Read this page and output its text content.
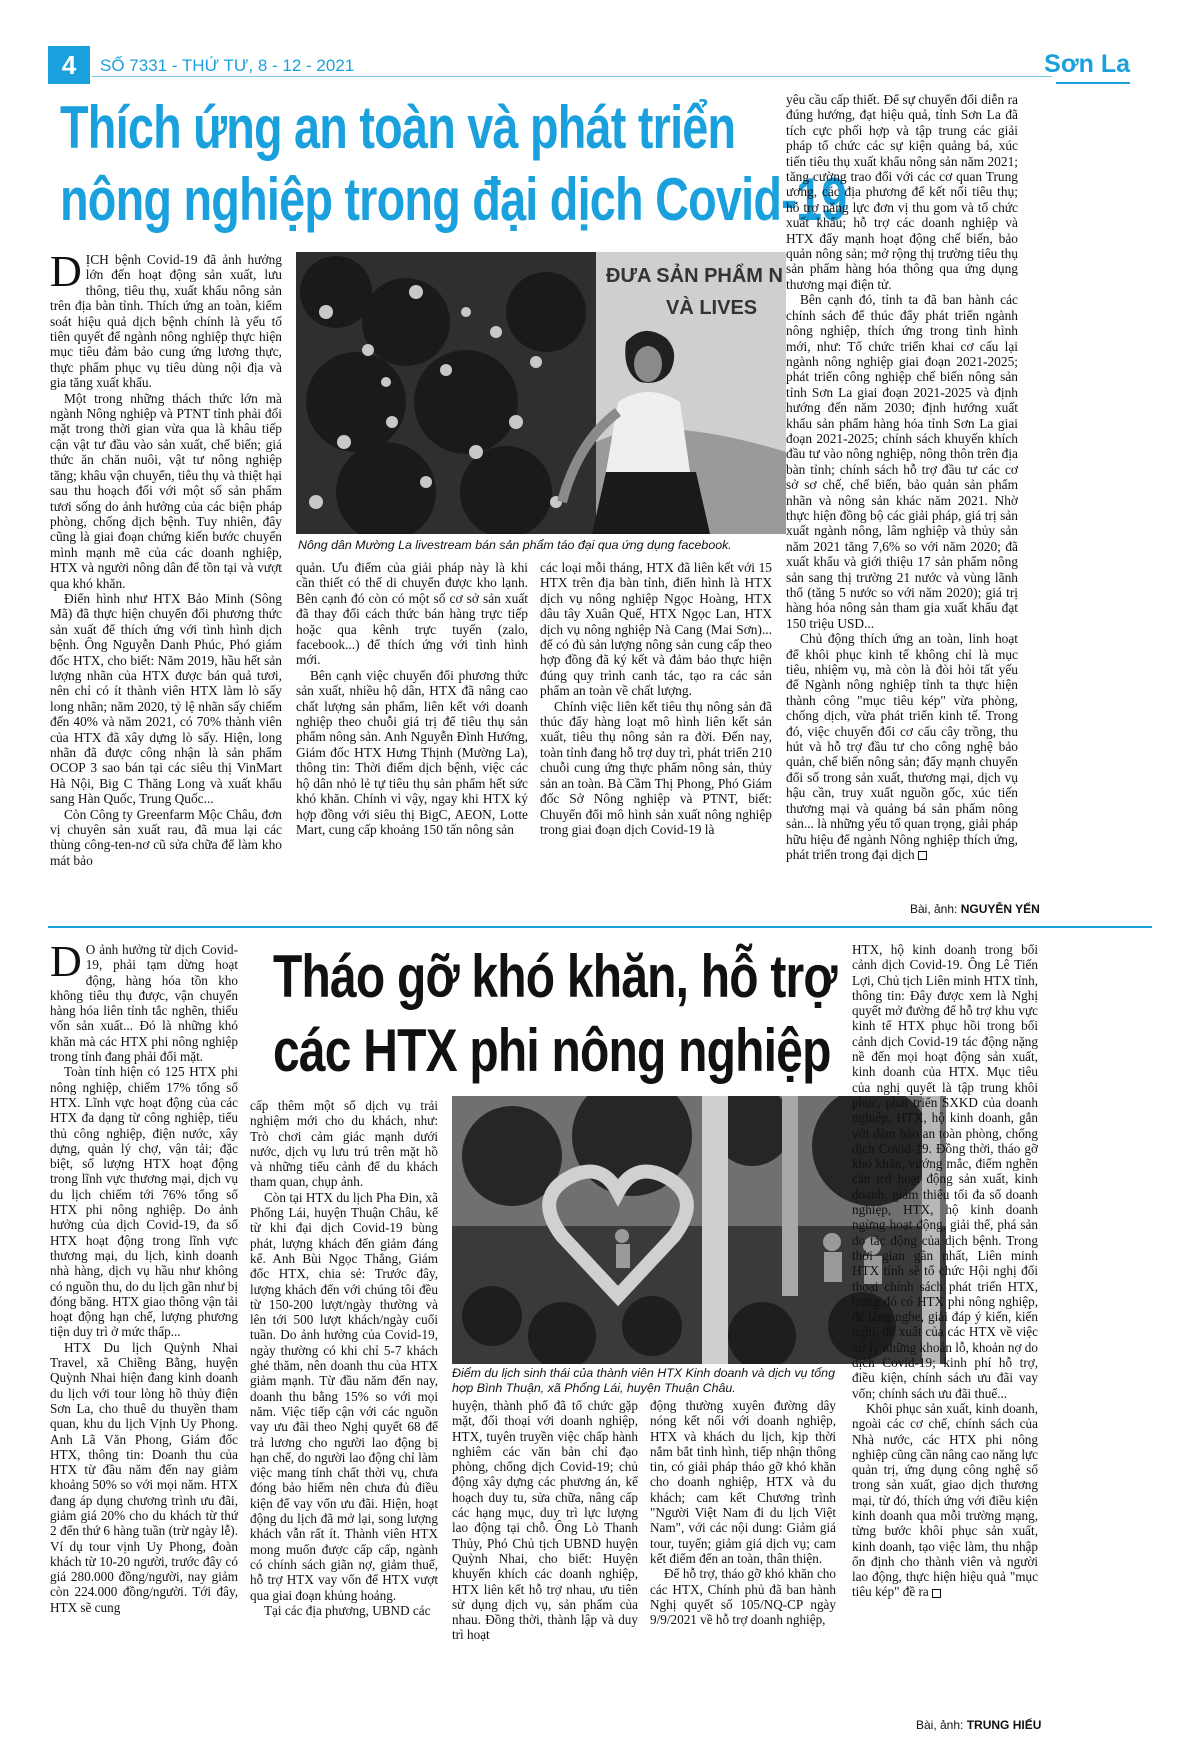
4	SỐ 7331 - THỨ TƯ, 8 - 12 - 2021	Sơn La
Thích ứng an toàn và phát triển
nông nghiệp trong đại dịch Covid-19

DỊCH bệnh Covid-19 đã ảnh hưởng lớn đến hoạt động sản xuất, lưu thông, tiêu thụ, xuất khẩu nông sản trên địa bàn tỉnh. Thích ứng an toàn, kiểm soát hiệu quả dịch bệnh chính là yếu tố tiên quyết để ngành nông nghiệp thực hiện mục tiêu đảm bảo cung ứng lương thực, thực phẩm phục vụ tiêu dùng nội địa và gia tăng xuất khẩu.

Một trong những thách thức lớn mà ngành Nông nghiệp và PTNT tỉnh phải đối mặt trong thời gian vừa qua là khâu tiếp cận vật tư đầu vào sản xuất, chế biến; giá thức ăn chăn nuôi, vật tư nông nghiệp tăng; khâu vận chuyển, tiêu thụ và thiệt hại sau thu hoạch đối với một số sản phẩm tươi sống do ảnh hưởng của các biện pháp phòng, chống dịch bệnh. Tuy nhiên, đây cũng là giai đoạn chứng kiến bước chuyển mình mạnh mẽ của các doanh nghiệp, HTX và người nông dân để tồn tại và vượt qua khó khăn.

Điển hình như HTX Bảo Minh (Sông Mã) đã thực hiện chuyển đổi phương thức sản xuất để thích ứng với tình hình dịch bệnh. Ông Nguyễn Danh Phúc, Phó giám đốc HTX, cho biết: Năm 2019, hầu hết sản lượng nhãn của HTX được bán quả tươi, nên chỉ có ít thành viên HTX làm lò sấy long nhãn; năm 2020, tỷ lệ nhãn sấy chiếm đến 40% và năm 2021, có 70% thành viên của HTX đã xây dựng lò sấy. Hiện, long nhãn đã được công nhận là sản phẩm OCOP 3 sao bán tại các siêu thị VinMart Hà Nội, Big C Thăng Long và xuất khẩu sang Hàn Quốc, Trung Quốc...

Còn Công ty Greenfarm Mộc Châu, đơn vị chuyên sản xuất rau, đã mua lại các thùng công-ten-nơ cũ sửa chữa để làm kho mát bảo

ĐƯA SẢN PHẨM N
VÀ LIVES
Nông dân Mường La livestream bán sản phẩm táo đại qua ứng dụng facebook.

quản. Ưu điểm của giải pháp này là khi cần thiết có thể di chuyển được kho lạnh. Bên cạnh đó còn có một số cơ sở sản xuất đã thay đổi cách thức bán hàng trực tiếp hoặc qua kênh trực tuyến (zalo, facebook...) để thích ứng với tình hình mới.

Bên cạnh việc chuyển đổi phương thức sản xuất, nhiều hộ dân, HTX đã nâng cao chất lượng sản phẩm, liên kết với doanh nghiệp theo chuỗi giá trị để tiêu thụ sản phẩm nông sản. Anh Nguyễn Đình Hướng, Giám đốc HTX Hưng Thịnh (Mường La), thông tin: Thời điểm dịch bệnh, việc các hộ dân nhỏ lẻ tự tiêu thụ sản phẩm hết sức khó khăn. Chính vì vậy, ngay khi HTX ký hợp đồng với siêu thị BigC, AEON, Lotte Mart, cung cấp khoảng 150 tấn nông sản

các loại mỗi tháng, HTX đã liên kết với 15 HTX trên địa bàn tỉnh, điển hình là HTX dịch vụ nông nghiệp Ngọc Hoàng, HTX dâu tây Xuân Quế, HTX Ngọc Lan, HTX dịch vụ nông nghiệp Nà Cang (Mai Sơn)... để có đủ sản lượng nông sản cung cấp theo hợp đồng đã ký kết và đảm bảo thực hiện đúng quy trình canh tác, tạo ra các sản phẩm an toàn về chất lượng.

Chính việc liên kết tiêu thụ nông sản đã thúc đẩy hàng loạt mô hình liên kết sản xuất, tiêu thụ nông sản ra đời. Đến nay, toàn tỉnh đang hỗ trợ duy trì, phát triển 210 chuỗi cung ứng thực phẩm nông sản, thủy sản an toàn. Bà Cầm Thị Phong, Phó Giám đốc Sở Nông nghiệp và PTNT, biết: Chuyển đổi mô hình sản xuất nông nghiệp trong giai đoạn dịch Covid-19 là

yêu cầu cấp thiết. Để sự chuyển đổi diễn ra đúng hướng, đạt hiệu quả, tỉnh Sơn La đã tích cực phối hợp và tập trung các giải pháp tổ chức các sự kiện quảng bá, xúc tiến tiêu thụ xuất khẩu nông sản năm 2021; tăng cường trao đổi với các cơ quan Trung ương, các địa phương để kết nối tiêu thụ; hỗ trợ năng lực đơn vị thu gom và tổ chức xuất khẩu; hỗ trợ các doanh nghiệp và HTX đẩy mạnh hoạt động chế biến, bảo quản nông sản; mở rộng thị trường tiêu thụ sản phẩm hàng hóa thông qua ứng dụng thương mại điện tử.

Bên cạnh đó, tỉnh ta đã ban hành các chính sách để thúc đẩy phát triển ngành nông nghiệp, thích ứng trong tình hình mới, như: Tổ chức triển khai cơ cấu lại ngành nông nghiệp giai đoạn 2021-2025; phát triển công nghiệp chế biến nông sản tỉnh Sơn La giai đoạn 2021-2025 và định hướng đến năm 2030; định hướng xuất khẩu sản phẩm hàng hóa tỉnh Sơn La giai đoạn 2021-2025; chính sách khuyến khích đầu tư vào nông nghiệp, nông thôn trên địa bàn tỉnh; chính sách hỗ trợ đầu tư các cơ sở sơ chế, chế biến, bảo quản sản phẩm nhãn và nông sản khác năm 2021. Nhờ thực hiện đồng bộ các giải pháp, giá trị sản xuất ngành nông, lâm nghiệp và thủy sản năm 2021 tăng 7,6% so với năm 2020; đã xuất khẩu và giới thiệu 17 sản phẩm nông sản sang thị trường 21 nước và vùng lãnh thổ (tăng 5 nước so với năm 2020); giá trị hàng hóa nông sản tham gia xuất khẩu đạt 150 triệu USD...

Chủ động thích ứng an toàn, linh hoạt để khôi phục kinh tế không chỉ là mục tiêu, nhiệm vụ, mà còn là đòi hỏi tất yếu để Ngành nông nghiệp tỉnh ta thực hiện thành công "mục tiêu kép" vừa phòng, chống dịch, vừa phát triển kinh tế. Trong đó, việc chuyển đổi cơ cấu cây trồng, thu hút và hỗ trợ đầu tư cho công nghệ bảo quản, chế biến nông sản; đẩy mạnh chuyển đổi số trong sản xuất, thương mại, dịch vụ hậu cần, truy xuất nguồn gốc, xúc tiến thương mại và quảng bá sản phẩm nông sản... là những yếu tố quan trọng, giải pháp hữu hiệu để ngành Nông nghiệp thích ứng, phát triển trong đại dịch

Bài, ảnh: NGUYỄN YẾN

D O ảnh hưởng từ dịch Covid-19, phải tạm dừng hoạt động, hàng hóa tồn kho không tiêu thụ được, vận chuyển hàng hóa liên tỉnh tắc nghẽn, thiếu vốn sản xuất... Đó là những khó khăn mà các HTX phi nông nghiệp trong tỉnh đang phải đối mặt.

Toàn tỉnh hiện có 125 HTX phi nông nghiệp, chiếm 17% tổng số HTX. Lĩnh vực hoạt động của các HTX đa dạng từ công nghiệp, tiểu thủ công nghiệp, điện nước, xây dựng, quản lý chợ, vận tải; đặc biệt, số lượng HTX hoạt động trong lĩnh vực thương mại, dịch vụ du lịch chiếm tới 76% tổng số HTX phi nông nghiệp. Do ảnh hưởng của dịch Covid-19, đa số HTX hoạt động trong lĩnh vực thương mại, du lịch, kinh doanh nhà hàng, dịch vụ hầu như không có nguồn thu, do du lịch gần như bị đóng băng. HTX giao thông vận tải hoạt động hạn chế, lượng phương tiện duy trì ở mức thấp...

HTX Du lịch Quỳnh Nhai Travel, xã Chiềng Bằng, huyện Quỳnh Nhai hiện đang kinh doanh du lịch với tour lòng hồ thủy điện Sơn La, cho thuê du thuyền tham quan, khu du lịch Vịnh Uy Phong. Anh Lã Văn Phong, Giám đốc HTX, thông tin: Doanh thu của HTX từ đầu năm đến nay giảm khoảng 50% so với mọi năm. HTX đang áp dụng chương trình ưu đãi, giảm giá 20% cho du khách từ thứ 2 đến thứ 6 hàng tuần (trừ ngày lễ). Ví dụ tour vịnh Uy Phong, đoàn khách từ 10-20 người, trước đây có giá 280.000 đồng/người, nay giảm còn 224.000 đồng/người. Tới đây, HTX sẽ cung

Tháo gỡ khó khăn, hỗ trợ
các HTX phi nông nghiệp

cấp thêm một số dịch vụ trải nghiệm mới cho du khách, như: Trò chơi cảm giác mạnh dưới nước, dịch vụ lưu trú trên mặt hồ và những tiểu cảnh để du khách tham quan, chụp ảnh.

Còn tại HTX du lịch Pha Đin, xã Phổng Lái, huyện Thuận Châu, kể từ khi đại dịch Covid-19 bùng phát, lượng khách đến giảm đáng kể. Anh Bùi Ngọc Thắng, Giám đốc HTX, chia sẻ: Trước đây, lượng khách đến với chúng tôi đều từ 150-200 lượt/ngày thường và lên tới 500 lượt khách/ngày cuối tuần. Do ảnh hưởng của Covid-19, ngày thường có khi chỉ 5-7 khách ghé thăm, nên doanh thu của HTX giảm mạnh. Từ đầu năm đến nay, doanh thu bằng 15% so với mọi năm. Việc tiếp cận với các nguồn vay ưu đãi theo Nghị quyết 68 để trả lương cho người lao động bị hạn chế, do người lao động chỉ làm việc mang tính chất thời vụ, chưa đóng bảo hiểm nên chưa đủ điều kiện để vay vốn ưu đãi. Hiện, hoạt động du lịch đã mở lại, song lượng khách vẫn rất ít. Thành viên HTX mong muốn được cấp cấp, ngành có chính sách giãn nợ, giảm thuế, hỗ trợ HTX vay vốn để HTX vượt qua giai đoạn khủng hoảng.

Tại các địa phương, UBND các

Điểm du lịch sinh thái của thành viên HTX Kinh doanh và dịch vụ tổng hợp Bình Thuận, xã Phổng Lái, huyện Thuận Châu.

huyện, thành phố đã tổ chức gặp mặt, đối thoại với doanh nghiệp, HTX, tuyên truyền việc chấp hành nghiêm các văn bản chỉ đạo phòng, chống dịch Covid-19; chủ động xây dựng các phương án, kế hoạch duy tu, sửa chữa, nâng cấp các hạng mục, duy trì lực lượng lao động tại chỗ. Ông Lò Thanh Thủy, Phó Chủ tịch UBND huyện Quỳnh Nhai, cho biết: Huyện khuyến khích các doanh nghiệp, HTX liên kết hỗ trợ nhau, ưu tiên sử dụng dịch vụ, sản phẩm của nhau. Đồng thời, thành lập và duy trì hoạt

động thường xuyên đường dây nóng kết nối với doanh nghiệp, HTX và khách du lịch, kịp thời nắm bắt tình hình, tiếp nhận thông tin, có giải pháp tháo gỡ khó khăn cho doanh nghiệp, HTX và du khách; cam kết Chương trình "Người Việt Nam đi du lịch Việt Nam", với các nội dung: Giảm giá tour, tuyến; giảm giá dịch vụ; cam kết điểm đến an toàn, thân thiện.

Để hỗ trợ, tháo gỡ khó khăn cho các HTX, Chính phủ đã ban hành Nghị quyết số 105/NQ-CP ngày 9/9/2021 về hỗ trợ doanh nghiệp,

HTX, hộ kinh doanh trong bối cảnh dịch Covid-19. Ông Lê Tiến Lợi, Chủ tịch Liên minh HTX tỉnh, thông tin: Đây được xem là Nghị quyết mở đường để hỗ trợ khu vực kinh tế HTX phục hồi trong bối cảnh dịch Covid-19 tác động nặng nề đến mọi hoạt động sản xuất, kinh doanh của HTX. Mục tiêu của nghị quyết là tập trung khôi phục, phát triển SXKD của doanh nghiệp, HTX, hộ kinh doanh, gắn với đảm bảo an toàn phòng, chống dịch Covid-19. Đồng thời, tháo gỡ khó khăn, vướng mắc, điểm nghẽn cản trở hoạt động sản xuất, kinh doanh, giảm thiểu tối đa số doanh nghiệp, HTX, hộ kinh doanh ngừng hoạt động, giải thể, phá sản do tác động của dịch bệnh. Trong thời gian gần nhất, Liên minh HTX tỉnh sẽ tổ chức Hội nghị đối thoại chính sách phát triển HTX, trong đó có HTX phi nông nghiệp, để lắng nghe, giải đáp ý kiến, kiến nghị, đề xuất của các HTX về việc xử lý những khoản lỗ, khoản nợ do dịch Covid-19; kinh phí hỗ trợ, điều kiện, chính sách ưu đãi vay vốn; chính sách ưu đãi thuế...

Khôi phục sản xuất, kinh doanh, ngoài các cơ chế, chính sách của Nhà nước, các HTX phi nông nghiệp cũng cần nâng cao năng lực quản trị, ứng dụng công nghệ số trong sản xuất, giao dịch thương mại, từ đó, thích ứng với điều kiện kinh doanh qua mỗi trường mạng, từng bước khôi phục sản xuất, kinh doanh, tạo việc làm, thu nhập ổn định cho thành viên và người lao động, thực hiện hiệu quả "mục tiêu kép" đề ra

Bài, ảnh: TRUNG HIẾU
